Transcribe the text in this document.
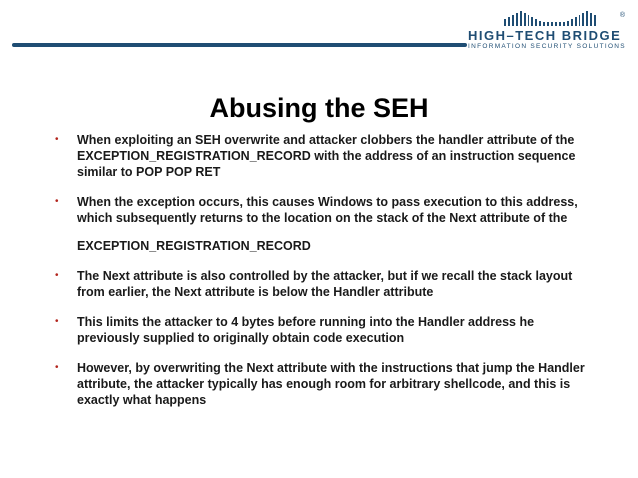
®
HIGH–TECH BRIDGE
INFORMATION SECURITY SOLUTIONS
Abusing the SEH
• When exploiting an SEH overwrite and attacker clobbers the handler attribute of the EXCEPTION_REGISTRATION_RECORD with the address of an instruction sequence similar to POP POP RET

• When the exception occurs, this causes Windows to pass execution to this address, which subsequently returns to the location on the stack of the Next attribute of the

EXCEPTION_REGISTRATION_RECORD

• The Next attribute is also controlled by the attacker, but if we recall the stack layout from earlier, the Next attribute is below the Handler attribute

• This limits the attacker to 4 bytes before running into the Handler address he previously supplied to originally obtain code execution

• However, by overwriting the Next attribute with the instructions that jump the Handler attribute, the attacker typically has enough room for arbitrary shellcode, and this is exactly what happens
